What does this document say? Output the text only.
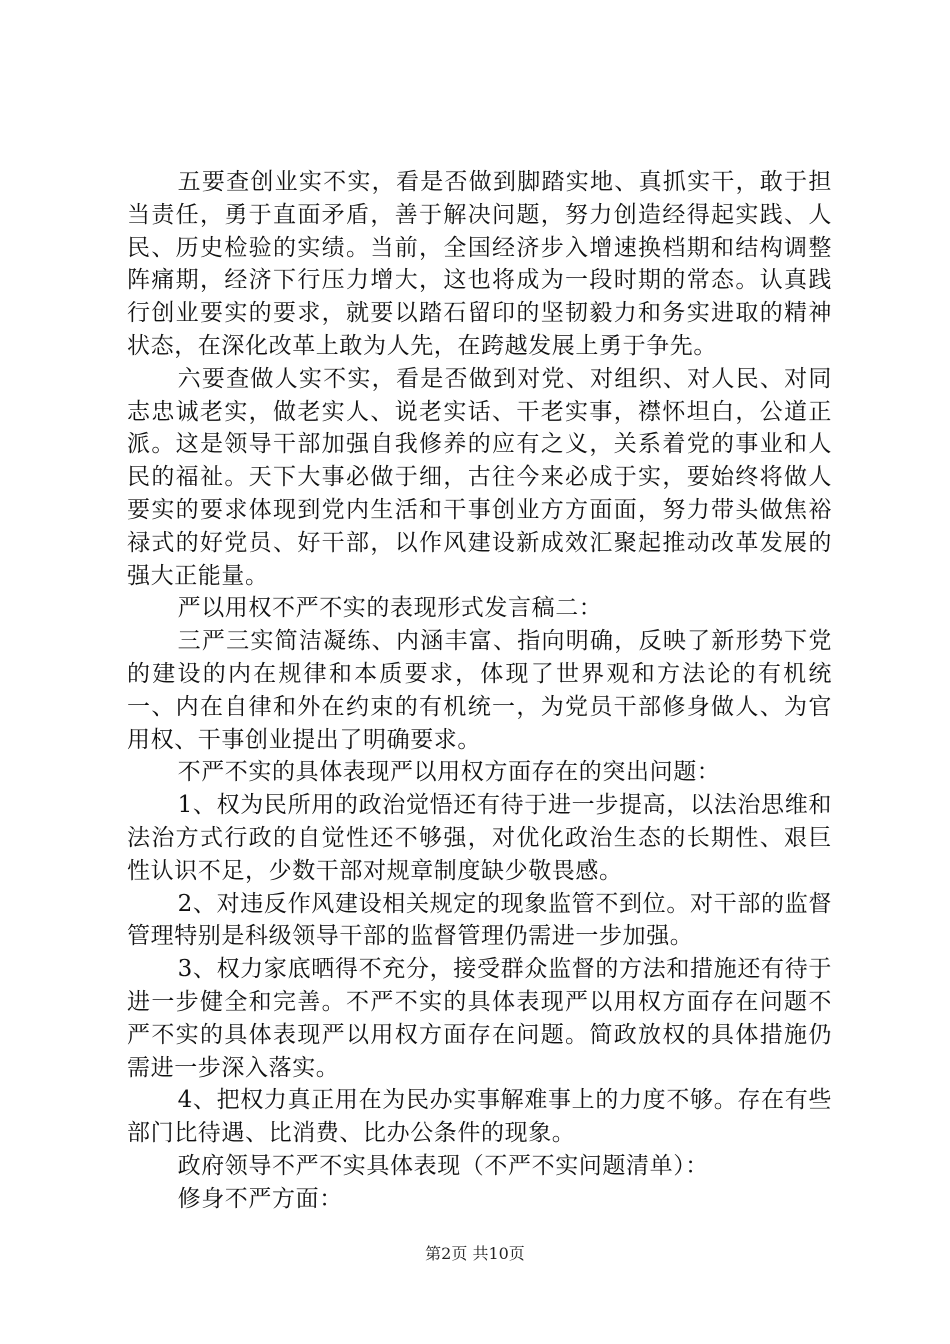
五要查创业实不实，看是否做到脚踏实地、真抓实干，敢于担当责任，勇于直面矛盾，善于解决问题，努力创造经得起实践、人民、历史检验的实绩。当前，全国经济步入增速换档期和结构调整阵痛期，经济下行压力增大，这也将成为一段时期的常态。认真践行创业要实的要求，就要以踏石留印的坚韧毅力和务实进取的精神状态，在深化改革上敢为人先，在跨越发展上勇于争先。

六要查做人实不实，看是否做到对党、对组织、对人民、对同志忠诚老实，做老实人、说老实话、干老实事，襟怀坦白，公道正派。这是领导干部加强自我修养的应有之义，关系着党的事业和人民的福祉。天下大事必做于细，古往今来必成于实，要始终将做人要实的要求体现到党内生活和干事创业方方面面，努力带头做焦裕禄式的好党员、好干部，以作风建设新成效汇聚起推动改革发展的强大正能量。

严以用权不严不实的表现形式发言稿二：

三严三实简洁凝练、内涵丰富、指向明确，反映了新形势下党的建设的内在规律和本质要求，体现了世界观和方法论的有机统一、内在自律和外在约束的有机统一，为党员干部修身做人、为官用权、干事创业提出了明确要求。

不严不实的具体表现严以用权方面存在的突出问题：

1、权为民所用的政治觉悟还有待于进一步提高，以法治思维和法治方式行政的自觉性还不够强，对优化政治生态的长期性、艰巨性认识不足，少数干部对规章制度缺少敬畏感。

2、对违反作风建设相关规定的现象监管不到位。对干部的监督管理特别是科级领导干部的监督管理仍需进一步加强。

3、权力家底晒得不充分，接受群众监督的方法和措施还有待于进一步健全和完善。不严不实的具体表现严以用权方面存在问题不严不实的具体表现严以用权方面存在问题。简政放权的具体措施仍需进一步深入落实。

4、把权力真正用在为民办实事解难事上的力度不够。存在有些部门比待遇、比消费、比办公条件的现象。

政府领导不严不实具体表现（不严不实问题清单）：

修身不严方面：

第2页 共10页
